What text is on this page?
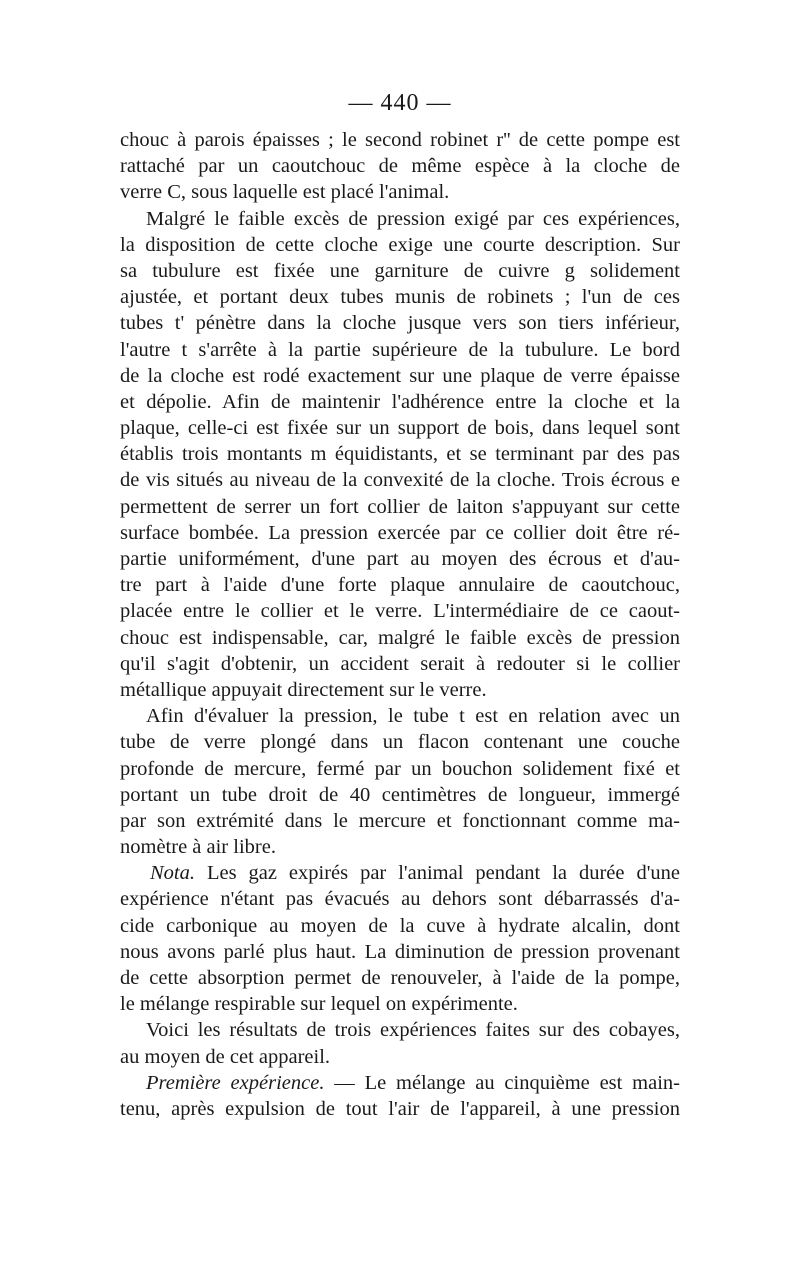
— 440 —
chouc à parois épaisses ; le second robinet r'' de cette pompe est
rattaché par un caoutchouc de même espèce à la cloche de
verre C, sous laquelle est placé l'animal.
Malgré le faible excès de pression exigé par ces expériences,
la disposition de cette cloche exige une courte description. Sur
sa tubulure est fixée une garniture de cuivre g solidement
ajustée, et portant deux tubes munis de robinets ; l'un de ces
tubes t' pénètre dans la cloche jusque vers son tiers inférieur,
l'autre t s'arrête à la partie supérieure de la tubulure. Le bord
de la cloche est rodé exactement sur une plaque de verre épaisse
et dépolie. Afin de maintenir l'adhérence entre la cloche et la
plaque, celle-ci est fixée sur un support de bois, dans lequel sont
établis trois montants m équidistants, et se terminant par des pas
de vis situés au niveau de la convexité de la cloche. Trois écrous e
permettent de serrer un fort collier de laiton s'appuyant sur cette
surface bombée. La pression exercée par ce collier doit être ré-
partie uniformément, d'une part au moyen des écrous et d'au-
tre part à l'aide d'une forte plaque annulaire de caoutchouc,
placée entre le collier et le verre. L'intermédiaire de ce caout-
chouc est indispensable, car, malgré le faible excès de pression
qu'il s'agit d'obtenir, un accident serait à redouter si le collier
métallique appuyait directement sur le verre.
Afin d'évaluer la pression, le tube t est en relation avec un
tube de verre plongé dans un flacon contenant une couche
profonde de mercure, fermé par un bouchon solidement fixé et
portant un tube droit de 40 centimètres de longueur, immergé
par son extrémité dans le mercure et fonctionnant comme ma-
nomètre à air libre.
Nota. Les gaz expirés par l'animal pendant la durée d'une
expérience n'étant pas évacués au dehors sont débarrassés d'a-
cide carbonique au moyen de la cuve à hydrate alcalin, dont
nous avons parlé plus haut. La diminution de pression provenant
de cette absorption permet de renouveler, à l'aide de la pompe,
le mélange respirable sur lequel on expérimente.
Voici les résultats de trois expériences faites sur des cobayes,
au moyen de cet appareil.
Première expérience. — Le mélange au cinquième est main-
tenu, après expulsion de tout l'air de l'appareil, à une pression
